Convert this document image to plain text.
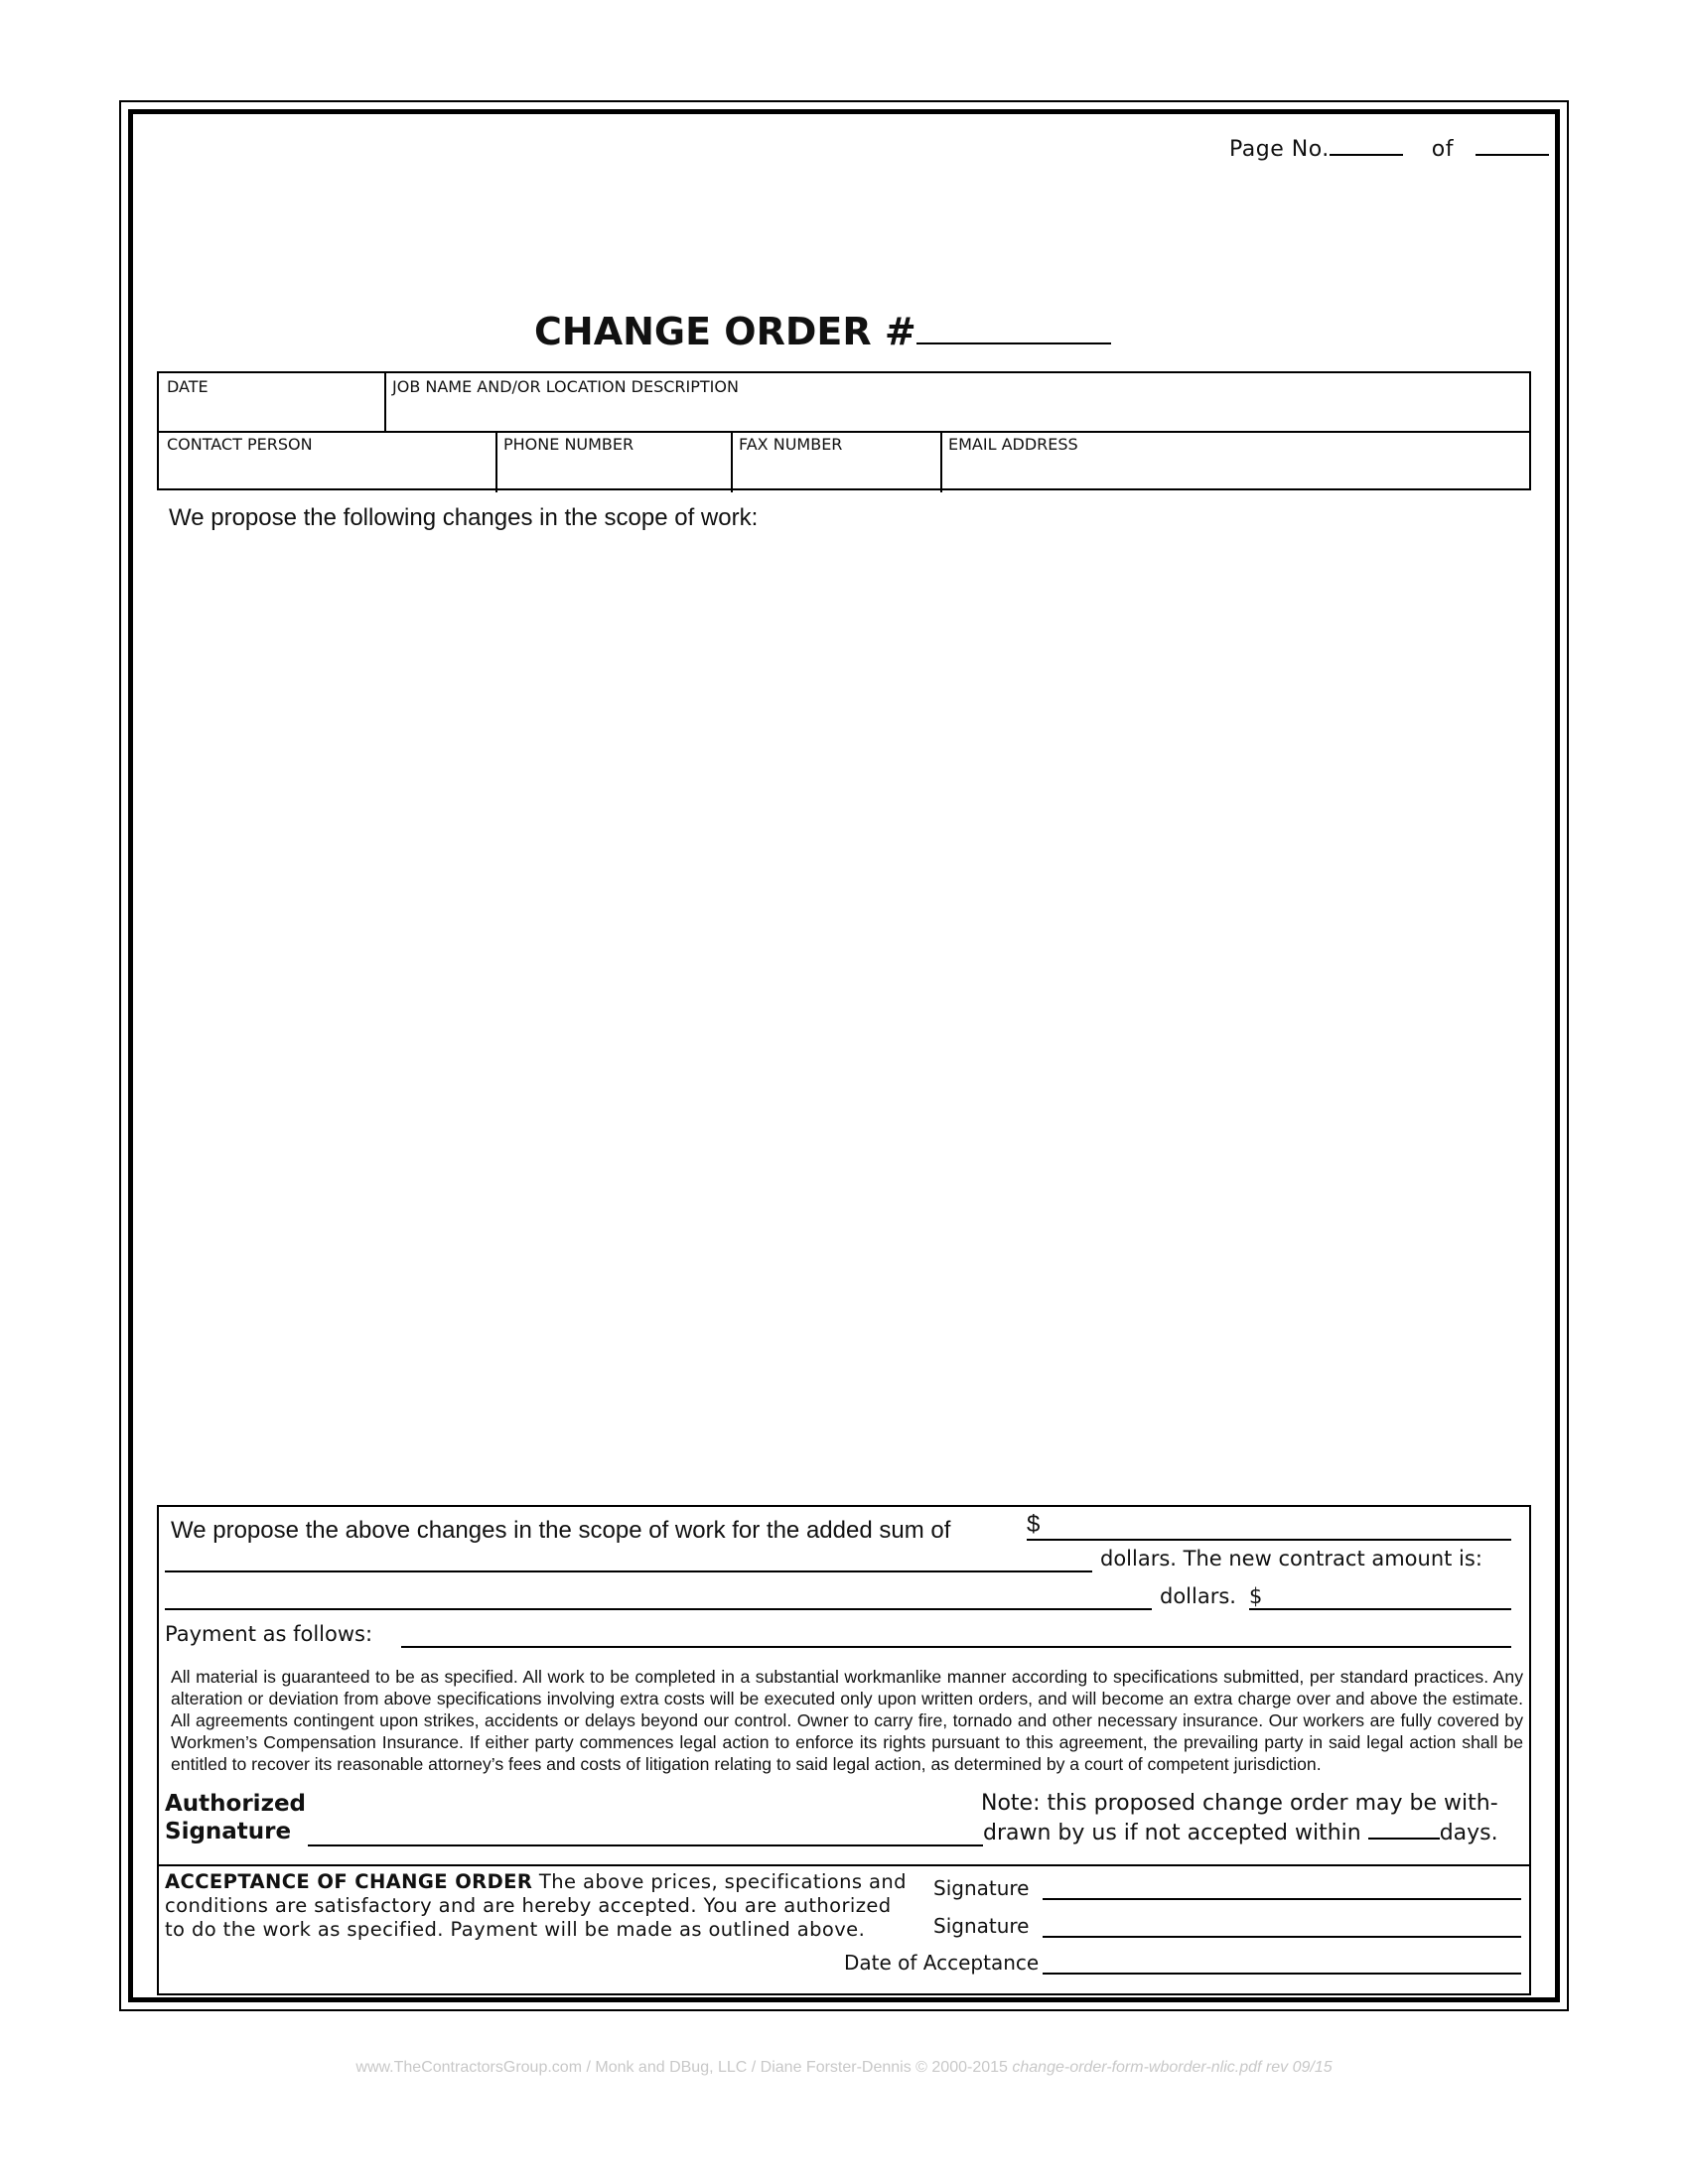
Page No.	of
CHANGE ORDER #
DATE	JOB NAME AND/OR LOCATION DESCRIPTION
CONTACT PERSON	PHONE NUMBER	FAX NUMBER	EMAIL ADDRESS
We propose the following changes in the scope of work:
We propose the above changes in the scope of work for the added sum of	$
dollars. The new contract amount is:
dollars. $
Payment as follows:
All material is guaranteed to be as specified. All work to be completed in a substantial workmanlike manner according to specifications submitted, per standard practices. Any alteration or deviation from above specifications involving extra costs will be executed only upon written orders, and will become an extra charge over and above the estimate. All agreements contingent upon strikes, accidents or delays beyond our control. Owner to carry fire, tornado and other necessary insurance. Our workers are fully covered by Workmen’s Compensation Insurance. If either party commences legal action to enforce its rights pursuant to this agreement, the prevailing party in said legal action shall be entitled to recover its reasonable attorney’s fees and costs of litigation relating to said legal action, as determined by a court of competent jurisdiction.
Authorized
Signature
Note: this proposed change order may be with-
drawn by us if not accepted within	days.
ACCEPTANCE OF CHANGE ORDER The above prices, specifications and conditions are satisfactory and are hereby accepted. You are authorized to do the work as specified. Payment will be made as outlined above.
Signature
Signature
Date of Acceptance
www.TheContractorsGroup.com / Monk and DBug, LLC / Diane Forster-Dennis © 2000-2015 change-order-form-wborder-nlic.pdf rev 09/15
